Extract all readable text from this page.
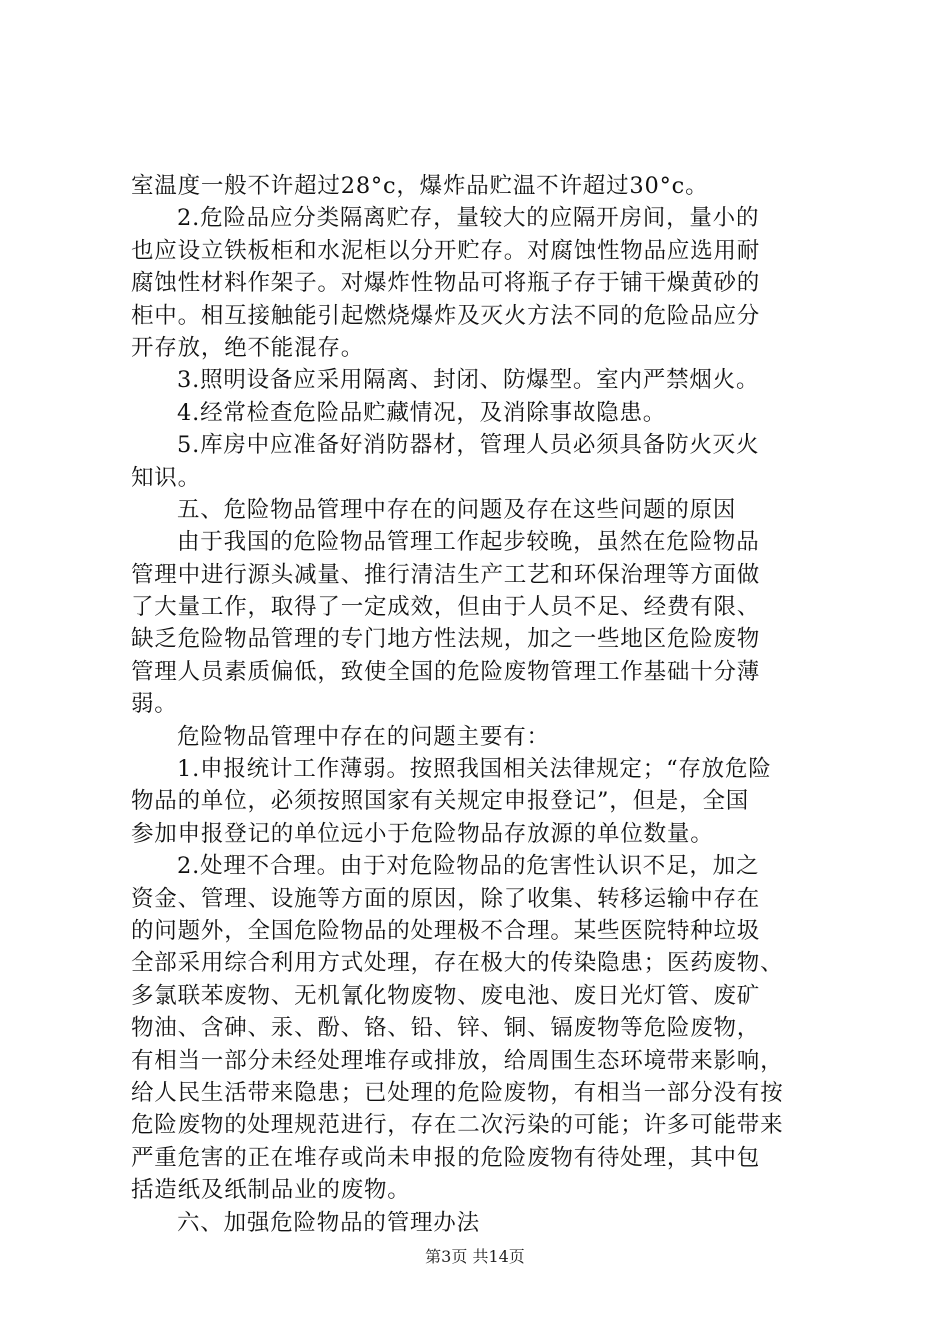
室温度一般不许超过28°c，爆炸品贮温不许超过30°c。
2.危险品应分类隔离贮存，量较大的应隔开房间，量小的
也应设立铁板柜和水泥柜以分开贮存。对腐蚀性物品应选用耐
腐蚀性材料作架子。对爆炸性物品可将瓶子存于铺干燥黄砂的
柜中。相互接触能引起燃烧爆炸及灭火方法不同的危险品应分
开存放，绝不能混存。
3.照明设备应采用隔离、封闭、防爆型。室内严禁烟火。
4.经常检查危险品贮藏情况，及消除事故隐患。
5.库房中应准备好消防器材，管理人员必须具备防火灭火
知识。
五、危险物品管理中存在的问题及存在这些问题的原因
由于我国的危险物品管理工作起步较晚，虽然在危险物品
管理中进行源头减量、推行清洁生产工艺和环保治理等方面做
了大量工作，取得了一定成效，但由于人员不足、经费有限、
缺乏危险物品管理的专门地方性法规，加之一些地区危险废物
管理人员素质偏低，致使全国的危险废物管理工作基础十分薄
弱。
危险物品管理中存在的问题主要有：
1.申报统计工作薄弱。按照我国相关法律规定；“存放危险
物品的单位，必须按照国家有关规定申报登记”，但是，全国
参加申报登记的单位远小于危险物品存放源的单位数量。
2.处理不合理。由于对危险物品的危害性认识不足，加之
资金、管理、设施等方面的原因，除了收集、转移运输中存在
的问题外，全国危险物品的处理极不合理。某些医院特种垃圾
全部采用综合利用方式处理，存在极大的传染隐患；医药废物、
多氯联苯废物、无机氰化物废物、废电池、废日光灯管、废矿
物油、含砷、汞、酚、铬、铅、锌、铜、镉废物等危险废物，
有相当一部分未经处理堆存或排放，给周围生态环境带来影响，
给人民生活带来隐患；已处理的危险废物，有相当一部分没有按
危险废物的处理规范进行，存在二次污染的可能；许多可能带来
严重危害的正在堆存或尚未申报的危险废物有待处理，其中包
括造纸及纸制品业的废物。
六、加强危险物品的管理办法
第3页 共14页
